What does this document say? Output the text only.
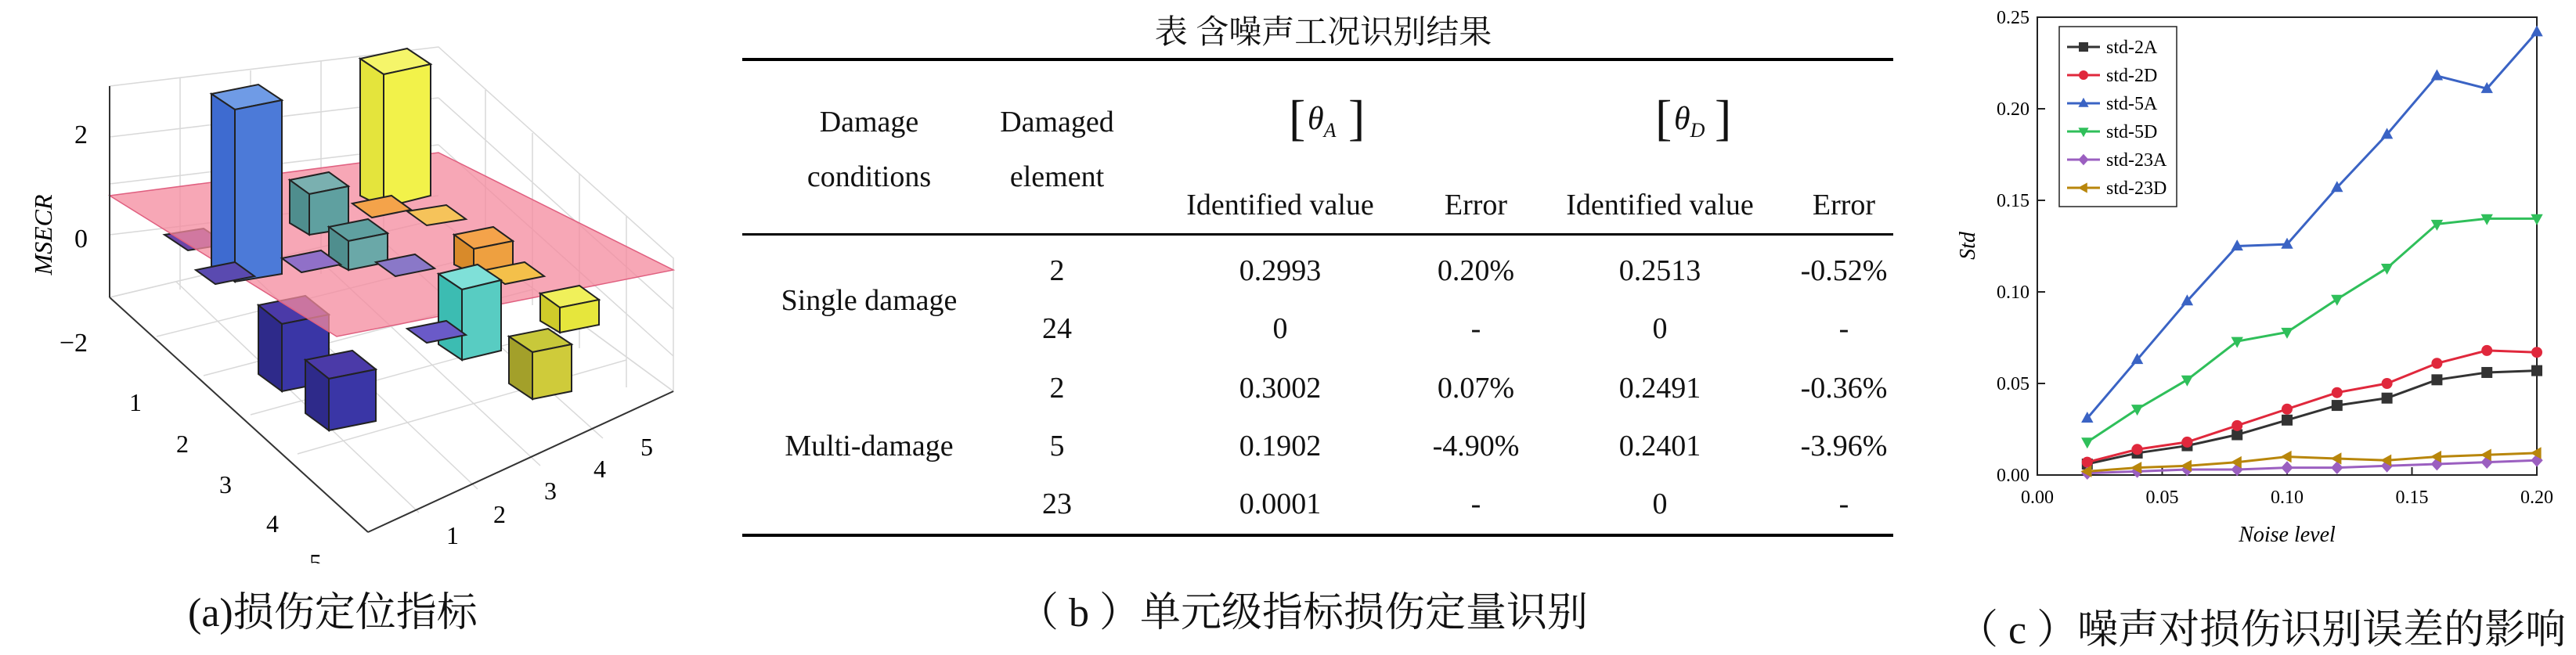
2
0
−2
MSECR
1
2
3
4
5
1
2
3
4
5
(a)损伤定位指标
表 含噪声工况识别结果
Damage
conditions
Damaged
element
[ $\theta_A$ ]	[ $\theta_D$ ]
Identified value	Error	Identified value	Error
Single damage
2	0.2993	0.20%	0.2513	-0.52%
24	0	-	0	-
Multi-damage
2	0.3002	0.07%	0.2491	-0.36%
5	0.1902	-4.90%	0.2401	-3.96%
23	0.0001	-	0	-
（ b ）单元级指标损伤定量识别
0.00	0.05	0.10	0.15	0.20
0.00
0.05
0.10
0.15
0.20
0.25
std-2A
std-2D
std-5A
std-5D
std-23A
std-23D
Noise level
Std
（ c ）噪声对损伤识别误差的影响
